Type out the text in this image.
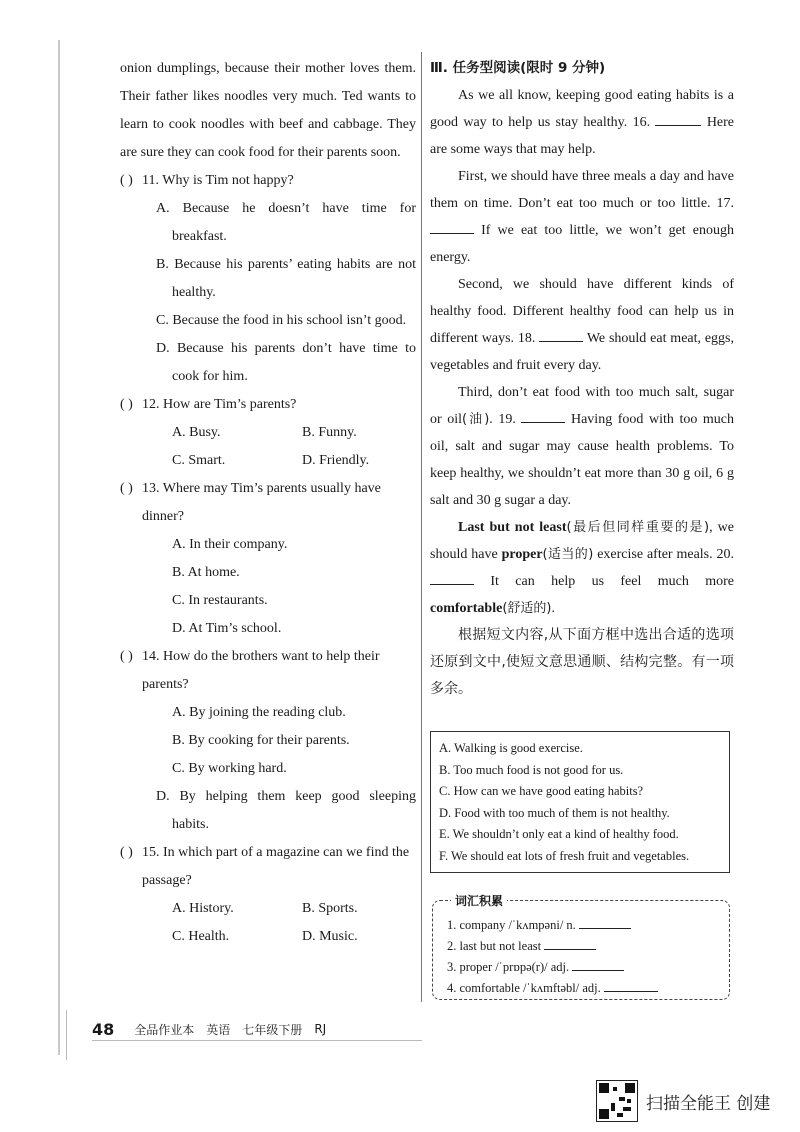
onion dumplings, because their mother loves them. Their father likes noodles very much. Ted wants to learn to cook noodles with beef and cabbage. They are sure they can cook food for their parents soon.
( ) 11. Why is Tim not happy?
A. Because he doesn’t have time for breakfast.
B. Because his parents’ eating habits are not healthy.
C. Because the food in his school isn’t good.
D. Because his parents don’t have time to cook for him.
( ) 12. How are Tim’s parents?
A. Busy.	B. Funny.
C. Smart.	D. Friendly.
( ) 13. Where may Tim’s parents usually have dinner?
A. In their company.
B. At home.
C. In restaurants.
D. At Tim’s school.
( ) 14. How do the brothers want to help their parents?
A. By joining the reading club.
B. By cooking for their parents.
C. By working hard.
D. By helping them keep good sleeping habits.
( ) 15. In which part of a magazine can we find the passage?
A. History.	B. Sports.
C. Health.	D. Music.
Ⅲ. 任务型阅读(限时 9 分钟)
As we all know, keeping good eating habits is a good way to help us stay healthy. 16.	Here are some ways that may help.
First, we should have three meals a day and have them on time. Don’t eat too much or too little. 17.  If we eat too little, we won’t get enough energy.
Second, we should have different kinds of healthy food. Different healthy food can help us in different ways. 18.	We should eat meat, eggs, vegetables and fruit every day.
Third, don’t eat food with too much salt, sugar or oil(油). 19.	Having food with too much oil, salt and sugar may cause health problems. To keep healthy, we shouldn’t eat more than 30 g oil, 6 g salt and 30 g sugar a day.
Last but not least(最后但同样重要的是), we should have proper(适当的) exercise after meals. 20.  It can help us feel much more comfortable(舒适的).
根据短文内容,从下面方框中选出合适的选项还原到文中,使短文意思通顺、结构完整。有一项多余。
A. Walking is good exercise.
B. Too much food is not good for us.
C. How can we have good eating habits?
D. Food with too much of them is not healthy.
E. We shouldn’t only eat a kind of healthy food.
F. We should eat lots of fresh fruit and vegetables.
词汇积累
1. company /ˈkʌmpəni/ n.
2. last but not least
3. proper /ˈprɒpə(r)/ adj.
4. comfortable /ˈkʌmftəbl/ adj.
48 全品作业本 英语 七年级下册 RJ
扫描全能王 创建
